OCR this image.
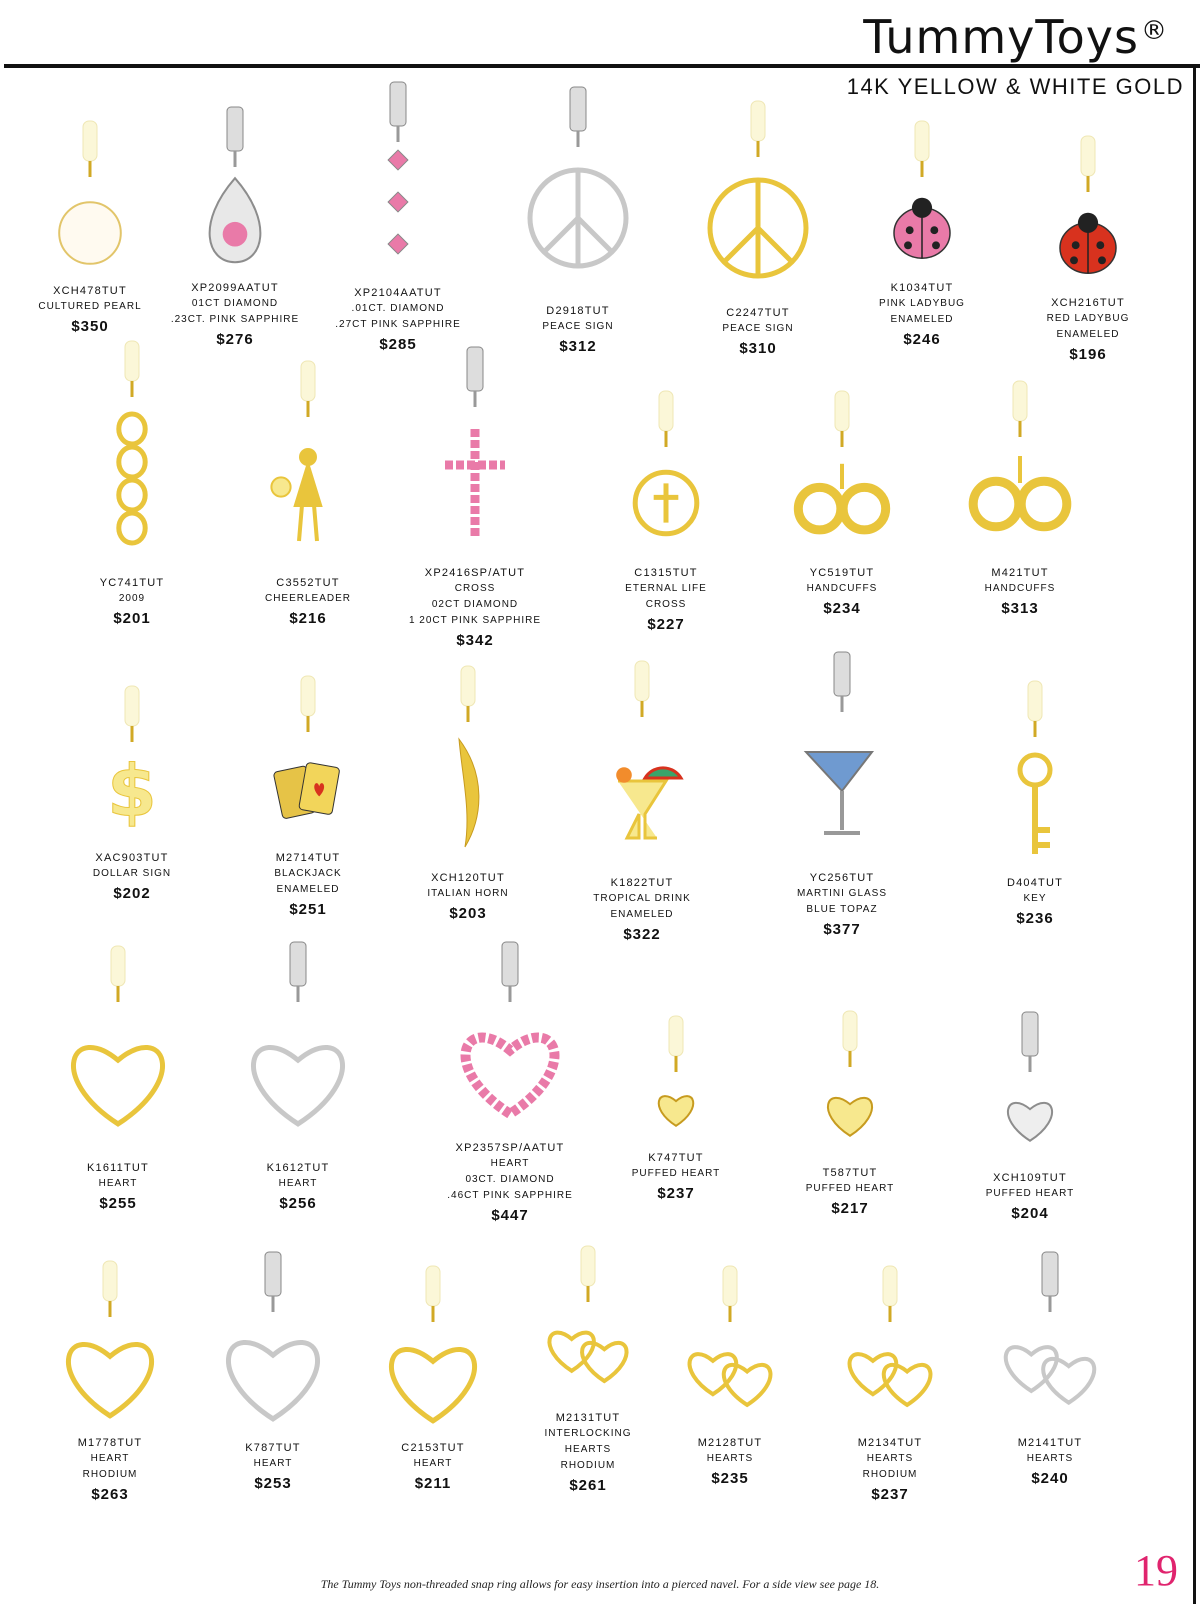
TummyToys®
14K YELLOW & WHITE GOLD
XCH478TUT
CULTURED PEARL
$350
XP2099AATUT
01CT DIAMOND
.23CT. PINK SAPPHIRE
$276
XP2104AATUT
.01CT. DIAMOND
.27CT PINK SAPPHIRE
$285
D2918TUT
PEACE SIGN
$312
C2247TUT
PEACE SIGN
$310
K1034TUT
PINK LADYBUG
ENAMELED
$246
XCH216TUT
RED LADYBUG
ENAMELED
$196
YC741TUT
2009
$201
C3552TUT
CHEERLEADER
$216
XP2416SP/ATUT
CROSS
02CT DIAMOND
1 20CT PINK SAPPHIRE
$342
C1315TUT
ETERNAL LIFE
CROSS
$227
YC519TUT
HANDCUFFS
$234
M421TUT
HANDCUFFS
$313
$
XAC903TUT
DOLLAR SIGN
$202
M2714TUT
BLACKJACK
ENAMELED
$251
XCH120TUT
ITALIAN HORN
$203
K1822TUT
TROPICAL DRINK
ENAMELED
$322
YC256TUT
MARTINI GLASS
BLUE TOPAZ
$377
D404TUT
KEY
$236
K1611TUT
HEART
$255
K1612TUT
HEART
$256
XP2357SP/AATUT
HEART
03CT. DIAMOND
.46CT PINK SAPPHIRE
$447
K747TUT
PUFFED HEART
$237
T587TUT
PUFFED HEART
$217
XCH109TUT
PUFFED HEART
$204
M1778TUT
HEART
RHODIUM
$263
K787TUT
HEART
$253
C2153TUT
HEART
$211
M2131TUT
INTERLOCKING
HEARTS
RHODIUM
$261
M2128TUT
HEARTS
$235
M2134TUT
HEARTS
RHODIUM
$237
M2141TUT
HEARTS
$240
The Tummy Toys non-threaded snap ring allows for easy insertion into a pierced navel. For a side view see page 18.	19
